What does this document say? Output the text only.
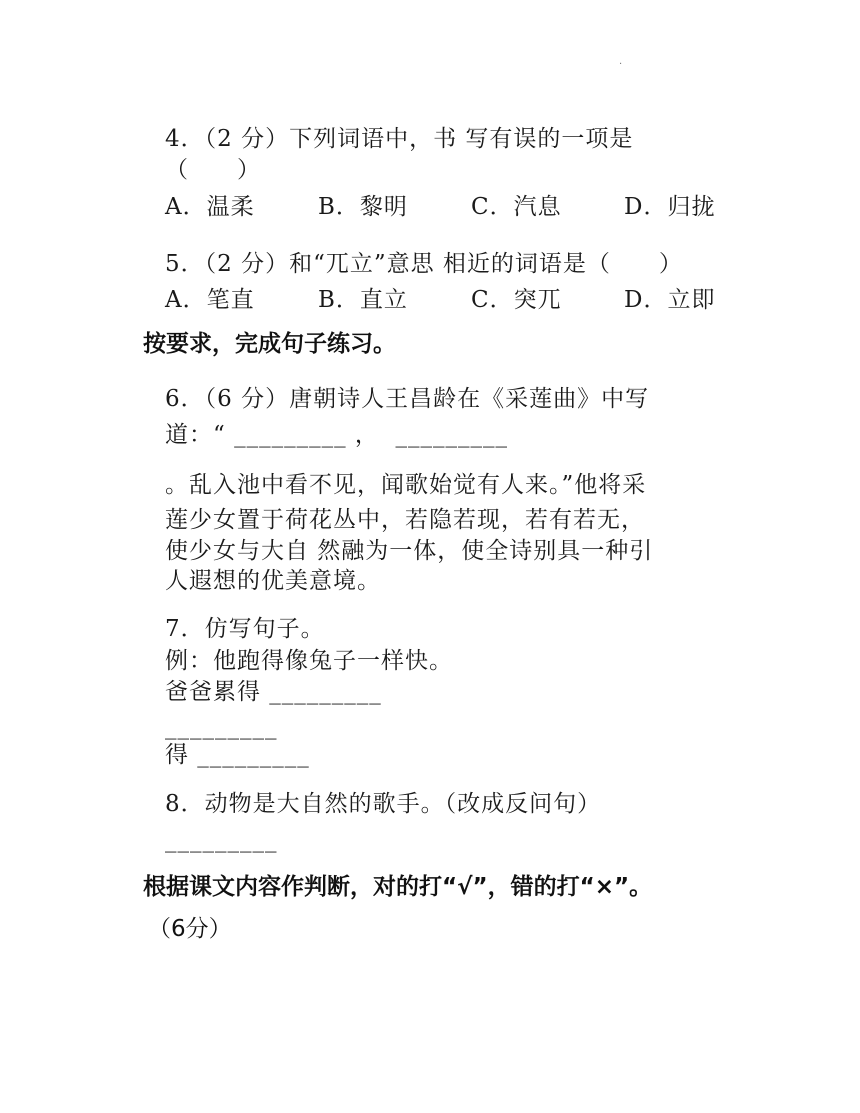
.
4．（2 分）下列词语中，书 写有误的一项是
（　　）
A．温柔	B．黎明	C．汽息	D．归拢
5．（2 分）和“兀立”意思 相近的词语是（　　）
A．笔直	B．直立	C．突兀	D．立即
按要求，完成句子练习。
6．（6 分）唐朝诗人王昌龄在《采莲曲》中写
道：“ _________ ，  _________
。乱入池中看不见，闻歌始觉有人来。”他将采
莲少女置于荷花丛中，若隐若现，若有若无，
使少女与大自 然融为一体，使全诗别具一种引
人遐想的优美意境。
7．仿写句子。
例：他跑得像兔子一样快。
爸爸累得 _________
_________
得 _________
8．动物是大自然的歌手。（改成反问句）
_________
根据课文内容作判断，对的打“√”，错的打“×”。
（6分）
